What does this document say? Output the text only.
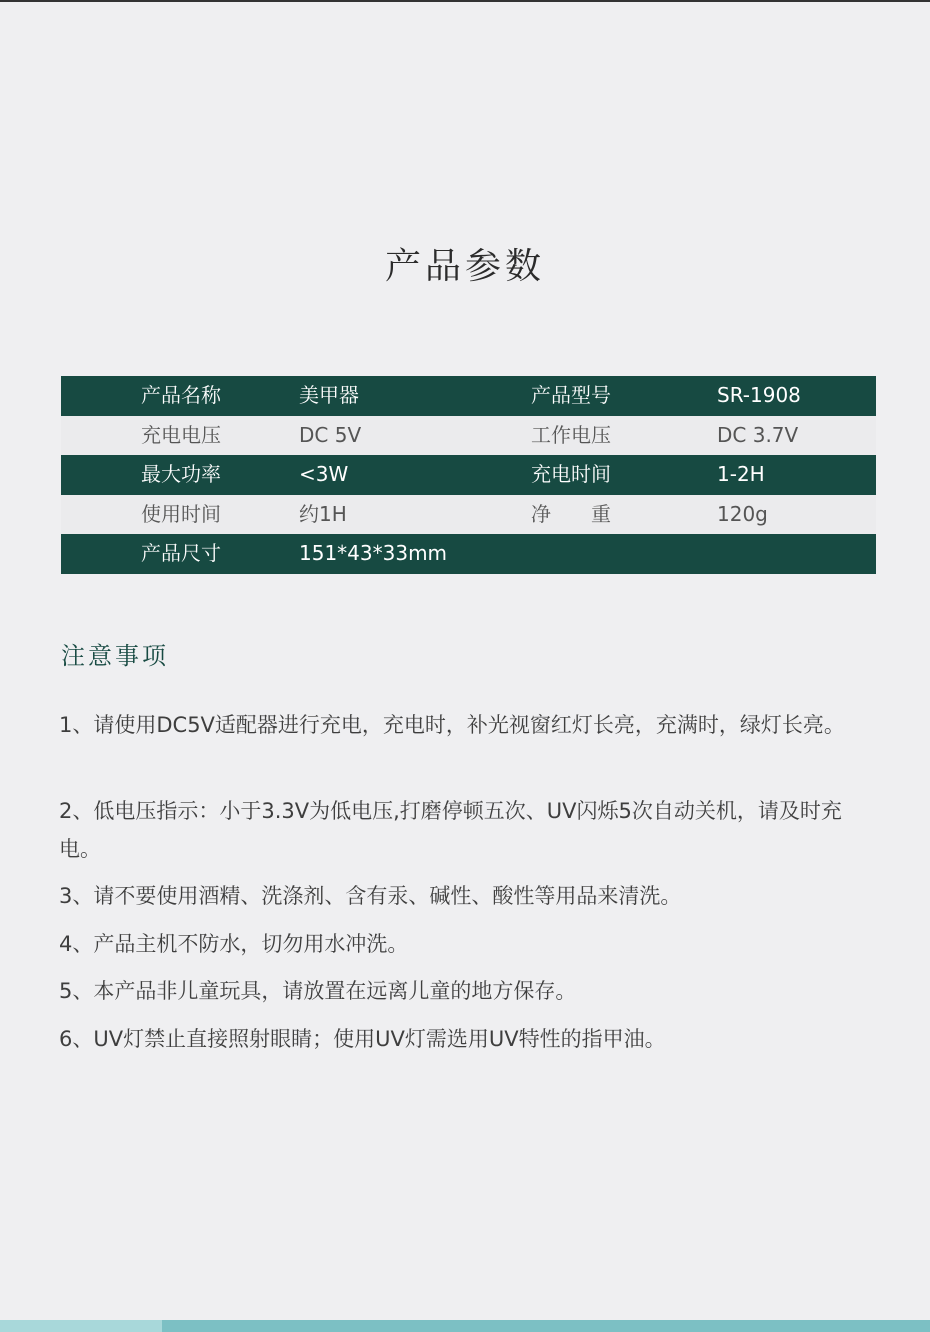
产品参数
产品名称	美甲器	产品型号	SR-1908
充电电压	DC 5V	工作电压	DC 3.7V
最大功率	<3W	充电时间	1-2H
使用时间	约1H	净　　重	120g
产品尺寸	151*43*33mm
注意事项
1、请使用DC5V适配器进行充电，充电时，补光视窗红灯长亮，充满时，绿灯长亮。
2、低电压指示：小于3.3V为低电压,打磨停顿五次、UV闪烁5次自动关机，请及时充电。
3、请不要使用酒精、洗涤剂、含有汞、碱性、酸性等用品来清洗。
4、产品主机不防水，切勿用水冲洗。
5、本产品非儿童玩具，请放置在远离儿童的地方保存。
6、UV灯禁止直接照射眼睛；使用UV灯需选用UV特性的指甲油。
